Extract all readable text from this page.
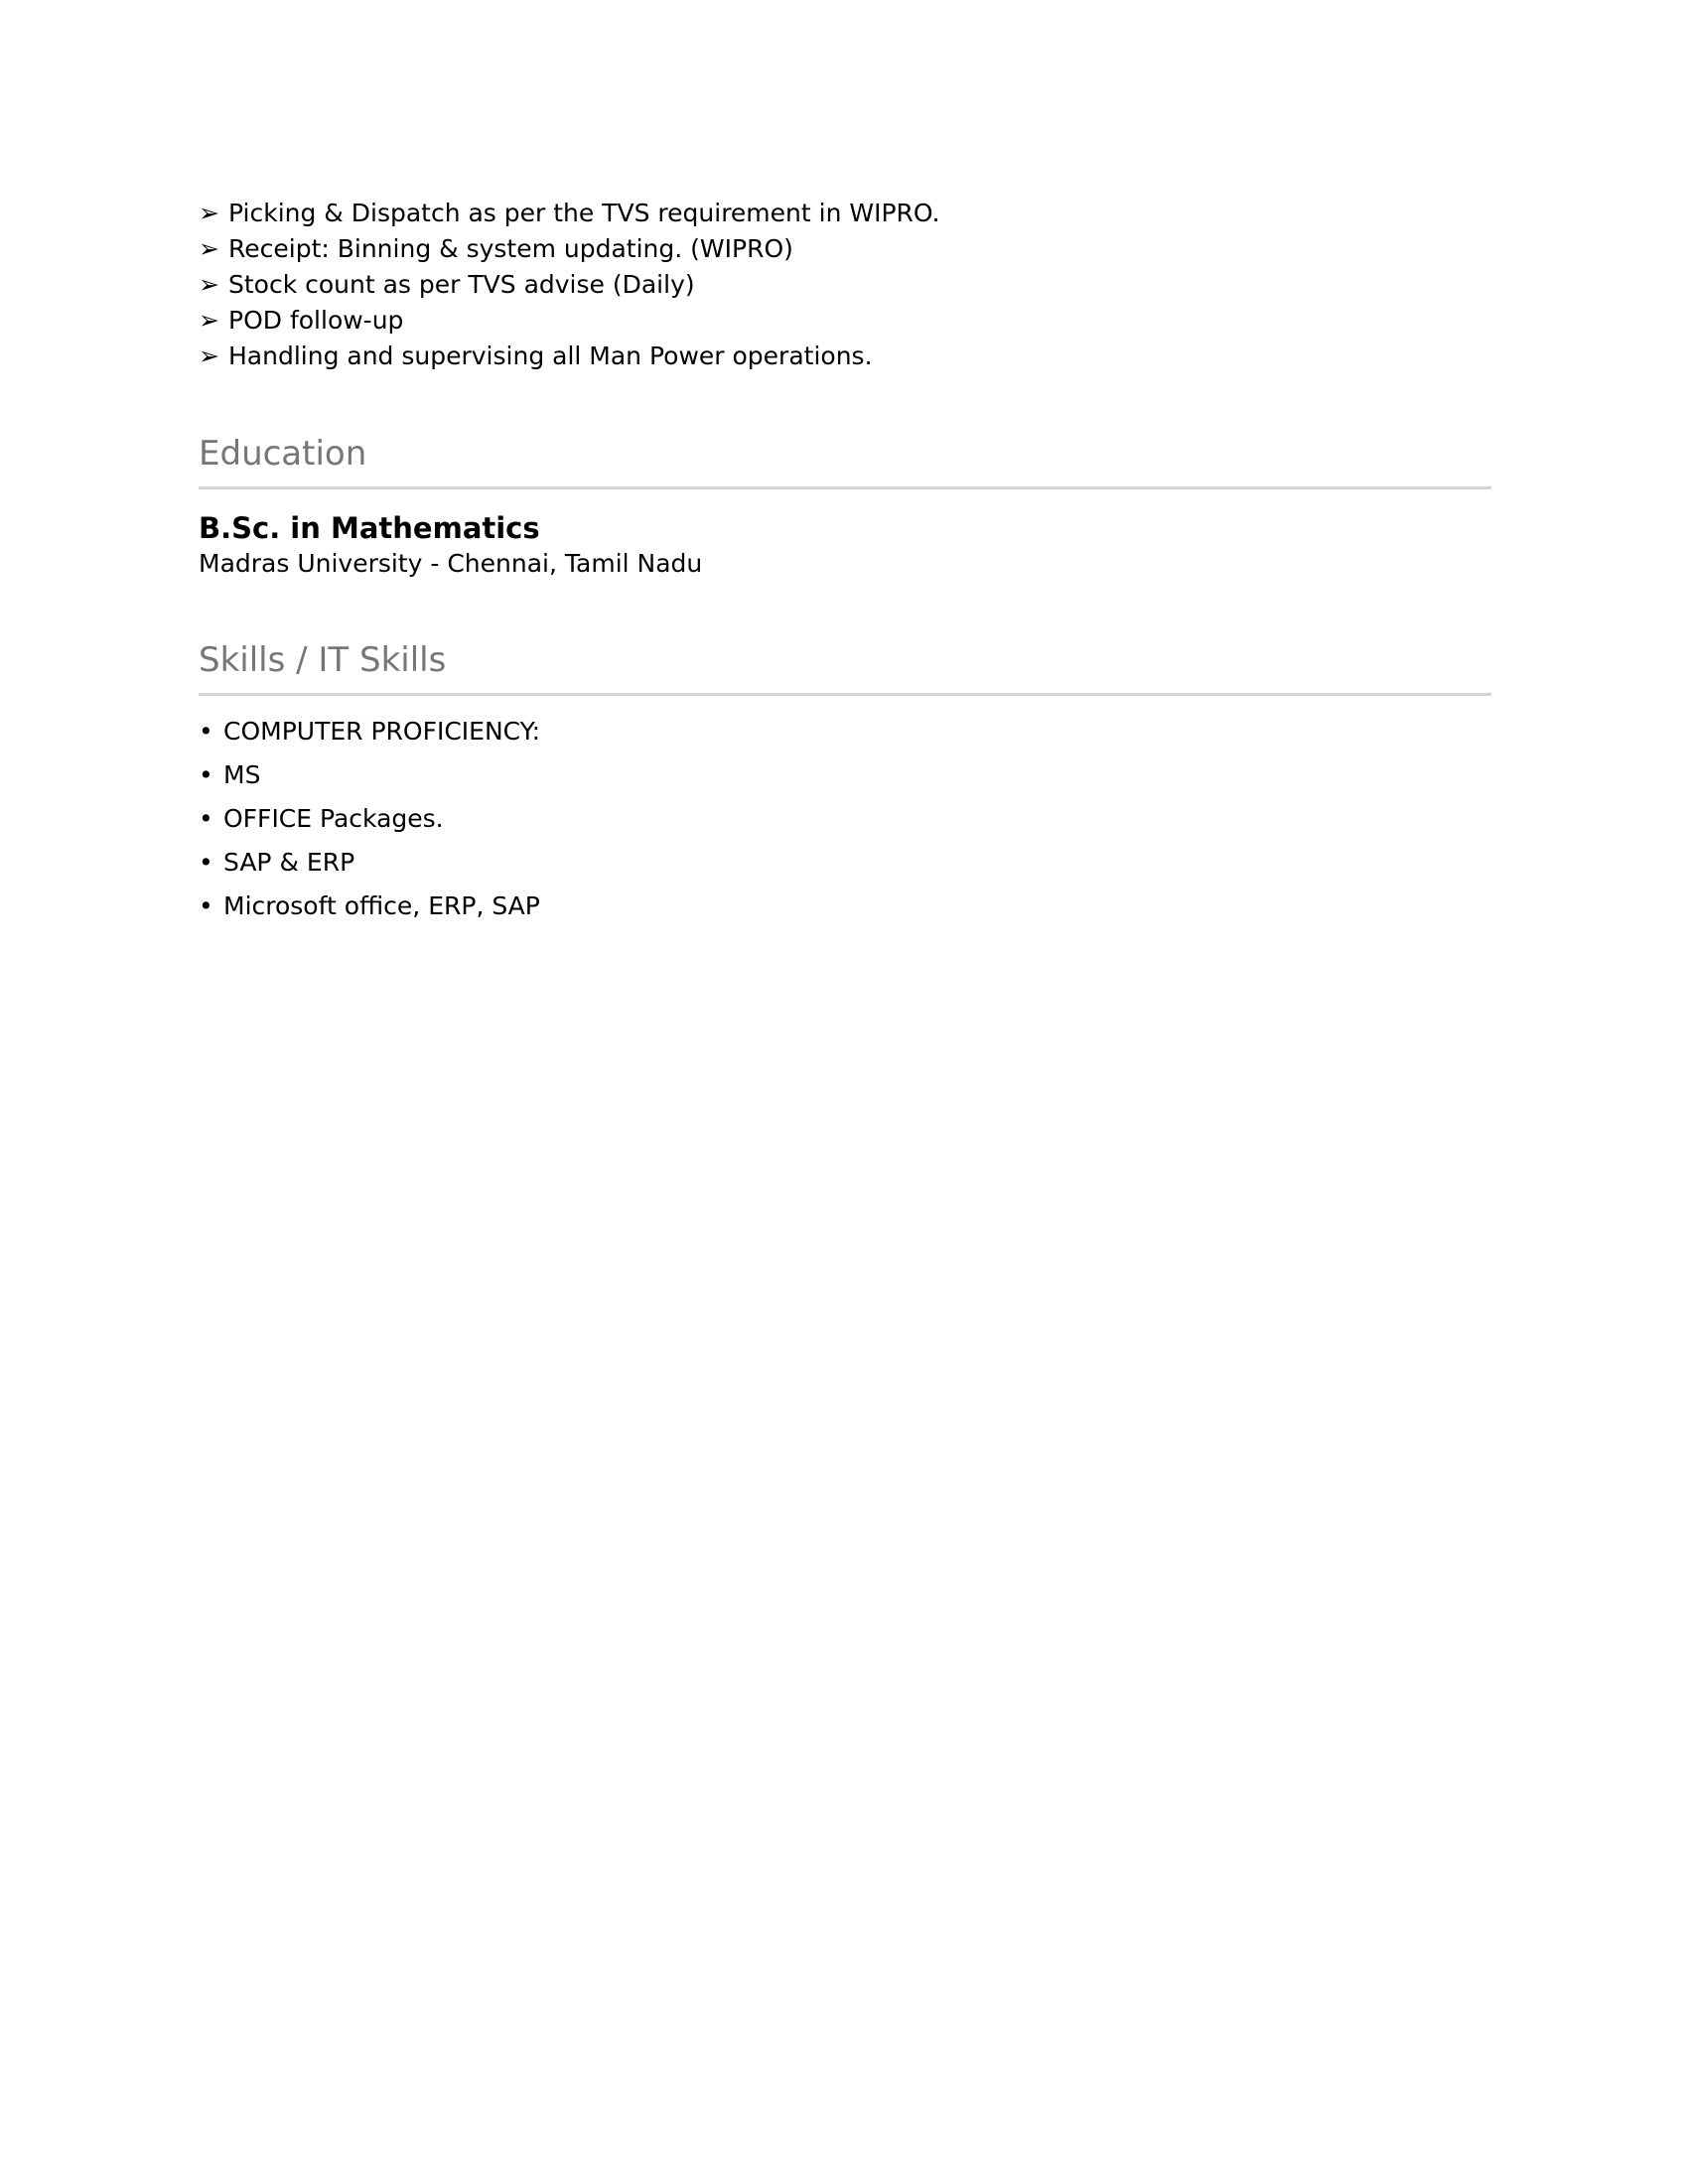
➢ Picking & Dispatch as per the TVS requirement in WIPRO.
➢ Receipt: Binning & system updating. (WIPRO)
➢ Stock count as per TVS advise (Daily)
➢ POD follow-up
➢ Handling and supervising all Man Power operations.
Education
B.Sc. in Mathematics
Madras University - Chennai, Tamil Nadu
Skills / IT Skills
• COMPUTER PROFICIENCY:
• MS
• OFFICE Packages.
• SAP & ERP
• Microsoft office, ERP, SAP
